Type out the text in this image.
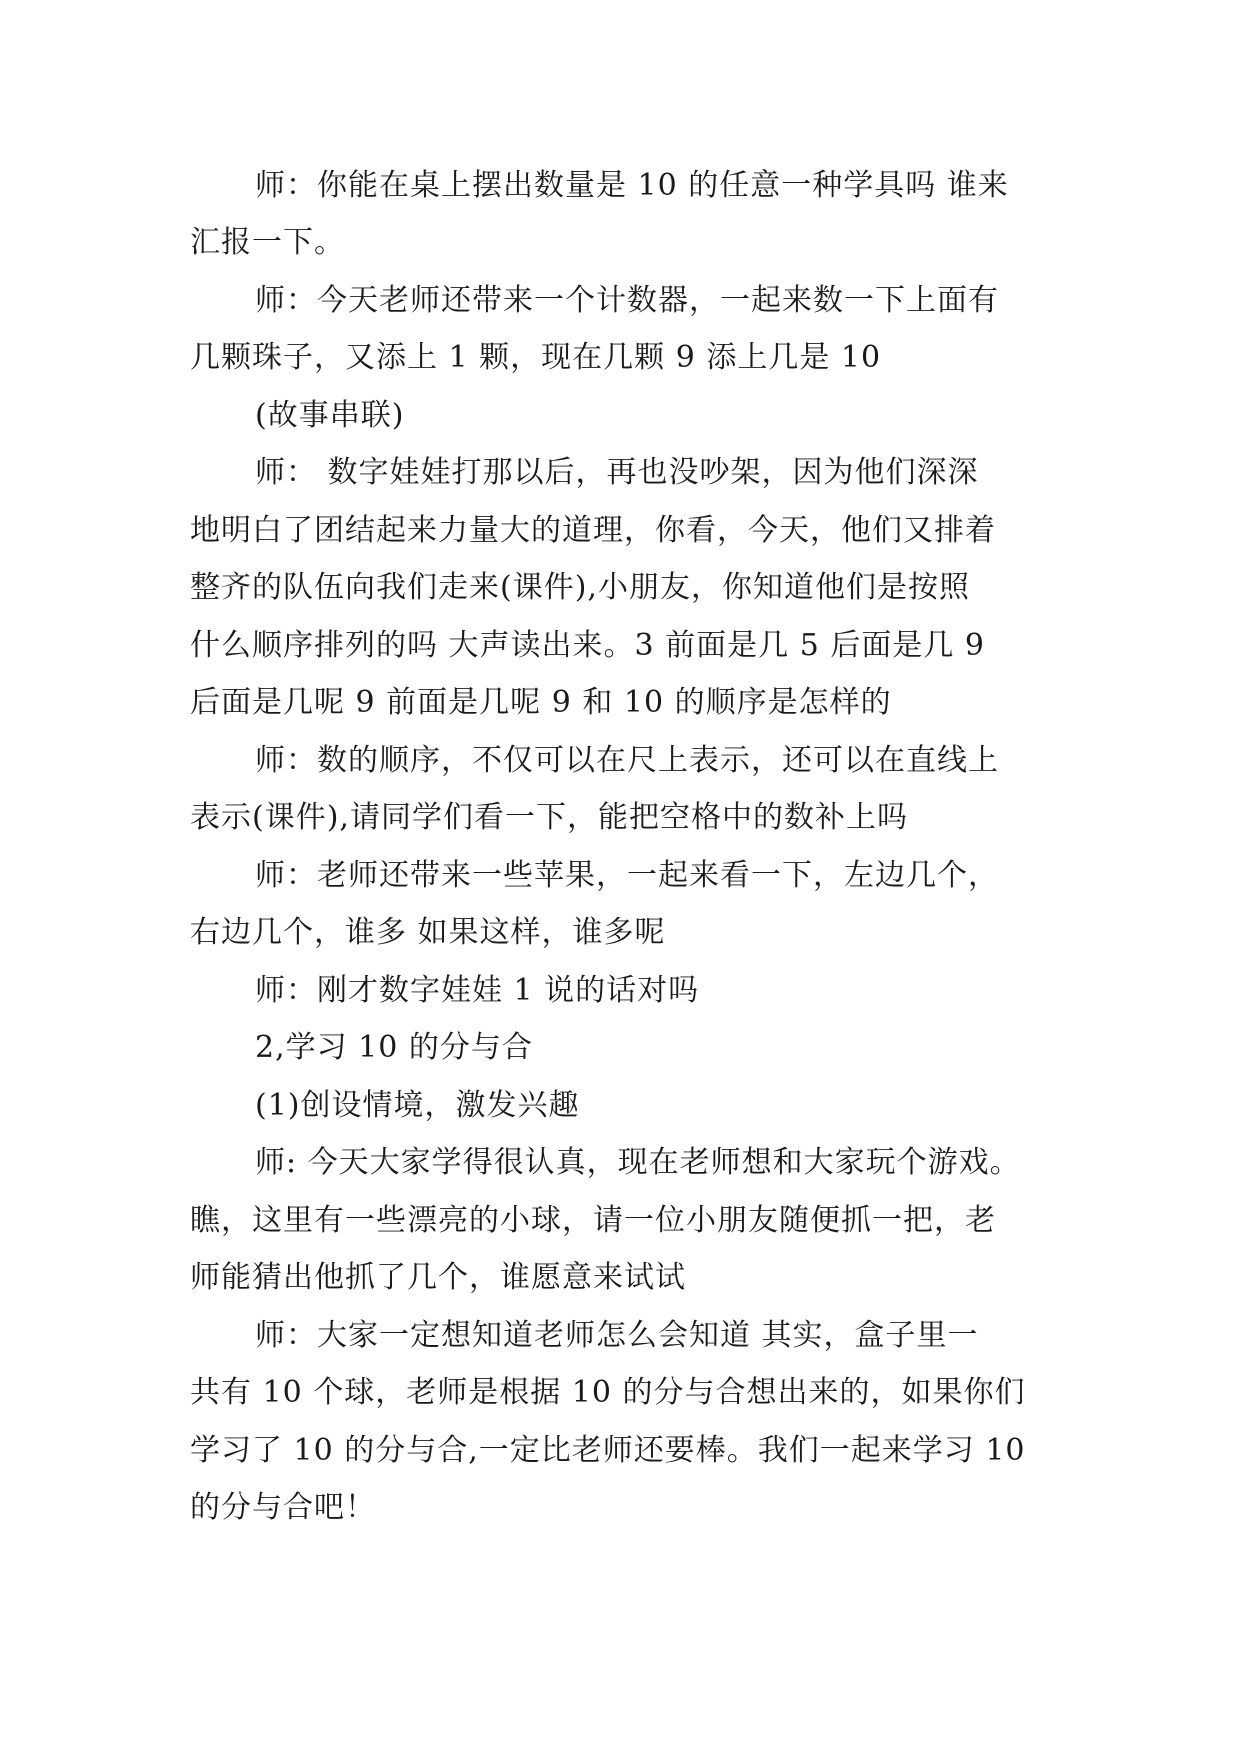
师：你能在桌上摆出数量是 10 的任意一种学具吗 谁来
汇报一下。
师：今天老师还带来一个计数器，一起来数一下上面有
几颗珠子，又添上 1 颗，现在几颗 9 添上几是 10
(故事串联)
师： 数字娃娃打那以后，再也没吵架，因为他们深深
地明白了团结起来力量大的道理，你看，今天，他们又排着
整齐的队伍向我们走来(课件),小朋友，你知道他们是按照
什么顺序排列的吗 大声读出来。3 前面是几 5 后面是几 9
后面是几呢 9 前面是几呢 9 和 10 的顺序是怎样的
师：数的顺序，不仅可以在尺上表示，还可以在直线上
表示(课件),请同学们看一下，能把空格中的数补上吗
师：老师还带来一些苹果，一起来看一下，左边几个，
右边几个，谁多 如果这样，谁多呢
师：刚才数字娃娃 1 说的话对吗
2,学习 10 的分与合
(1)创设情境，激发兴趣
师: 今天大家学得很认真，现在老师想和大家玩个游戏。
瞧，这里有一些漂亮的小球，请一位小朋友随便抓一把，老
师能猜出他抓了几个，谁愿意来试试
师：大家一定想知道老师怎么会知道 其实，盒子里一
共有 10 个球，老师是根据 10 的分与合想出来的，如果你们
学习了 10 的分与合,一定比老师还要棒。我们一起来学习 10
的分与合吧！
